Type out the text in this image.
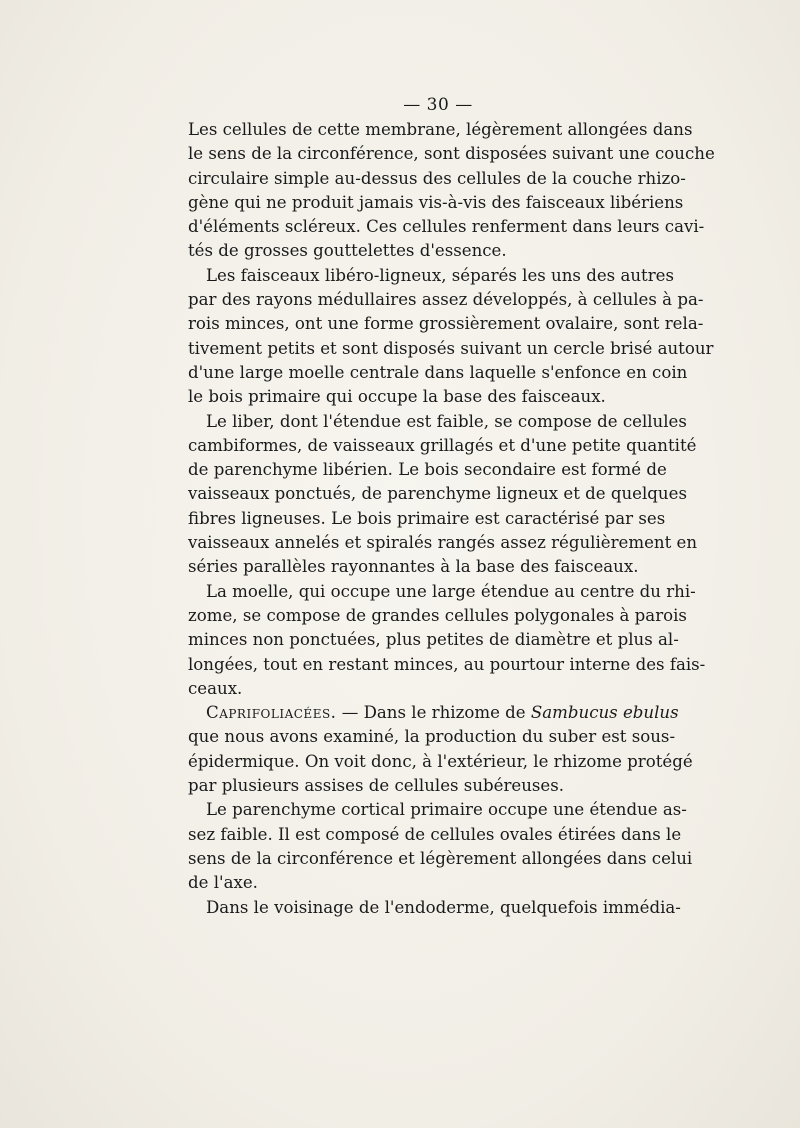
— 30 —
Les cellules de cette membrane, légèrement allongées dans
le sens de la circonférence, sont disposées suivant une couche
circulaire simple au-dessus des cellules de la couche rhizo-
gène qui ne produit jamais vis-à-vis des faisceaux libériens
d'éléments scléreux. Ces cellules renferment dans leurs cavi-
tés de grosses gouttelettes d'essence.
Les faisceaux libéro-ligneux, séparés les uns des autres
par des rayons médullaires assez développés, à cellules à pa-
rois minces, ont une forme grossièrement ovalaire, sont rela-
tivement petits et sont disposés suivant un cercle brisé autour
d'une large moelle centrale dans laquelle s'enfonce en coin
le bois primaire qui occupe la base des faisceaux.
Le liber, dont l'étendue est faible, se compose de cellules
cambiformes, de vaisseaux grillagés et d'une petite quantité
de parenchyme libérien. Le bois secondaire est formé de
vaisseaux ponctués, de parenchyme ligneux et de quelques
fibres ligneuses. Le bois primaire est caractérisé par ses
vaisseaux annelés et spiralés rangés assez régulièrement en
séries parallèles rayonnantes à la base des faisceaux.
La moelle, qui occupe une large étendue au centre du rhi-
zome, se compose de grandes cellules polygonales à parois
minces non ponctuées, plus petites de diamètre et plus al-
longées, tout en restant minces, au pourtour interne des fais-
ceaux.
Caprifoliacées. — Dans le rhizome de Sambucus ebulus
que nous avons examiné, la production du suber est sous-
épidermique. On voit donc, à l'extérieur, le rhizome protégé
par plusieurs assises de cellules subéreuses.
Le parenchyme cortical primaire occupe une étendue as-
sez faible. Il est composé de cellules ovales étirées dans le
sens de la circonférence et légèrement allongées dans celui
de l'axe.
Dans le voisinage de l'endoderme, quelquefois immédia-
